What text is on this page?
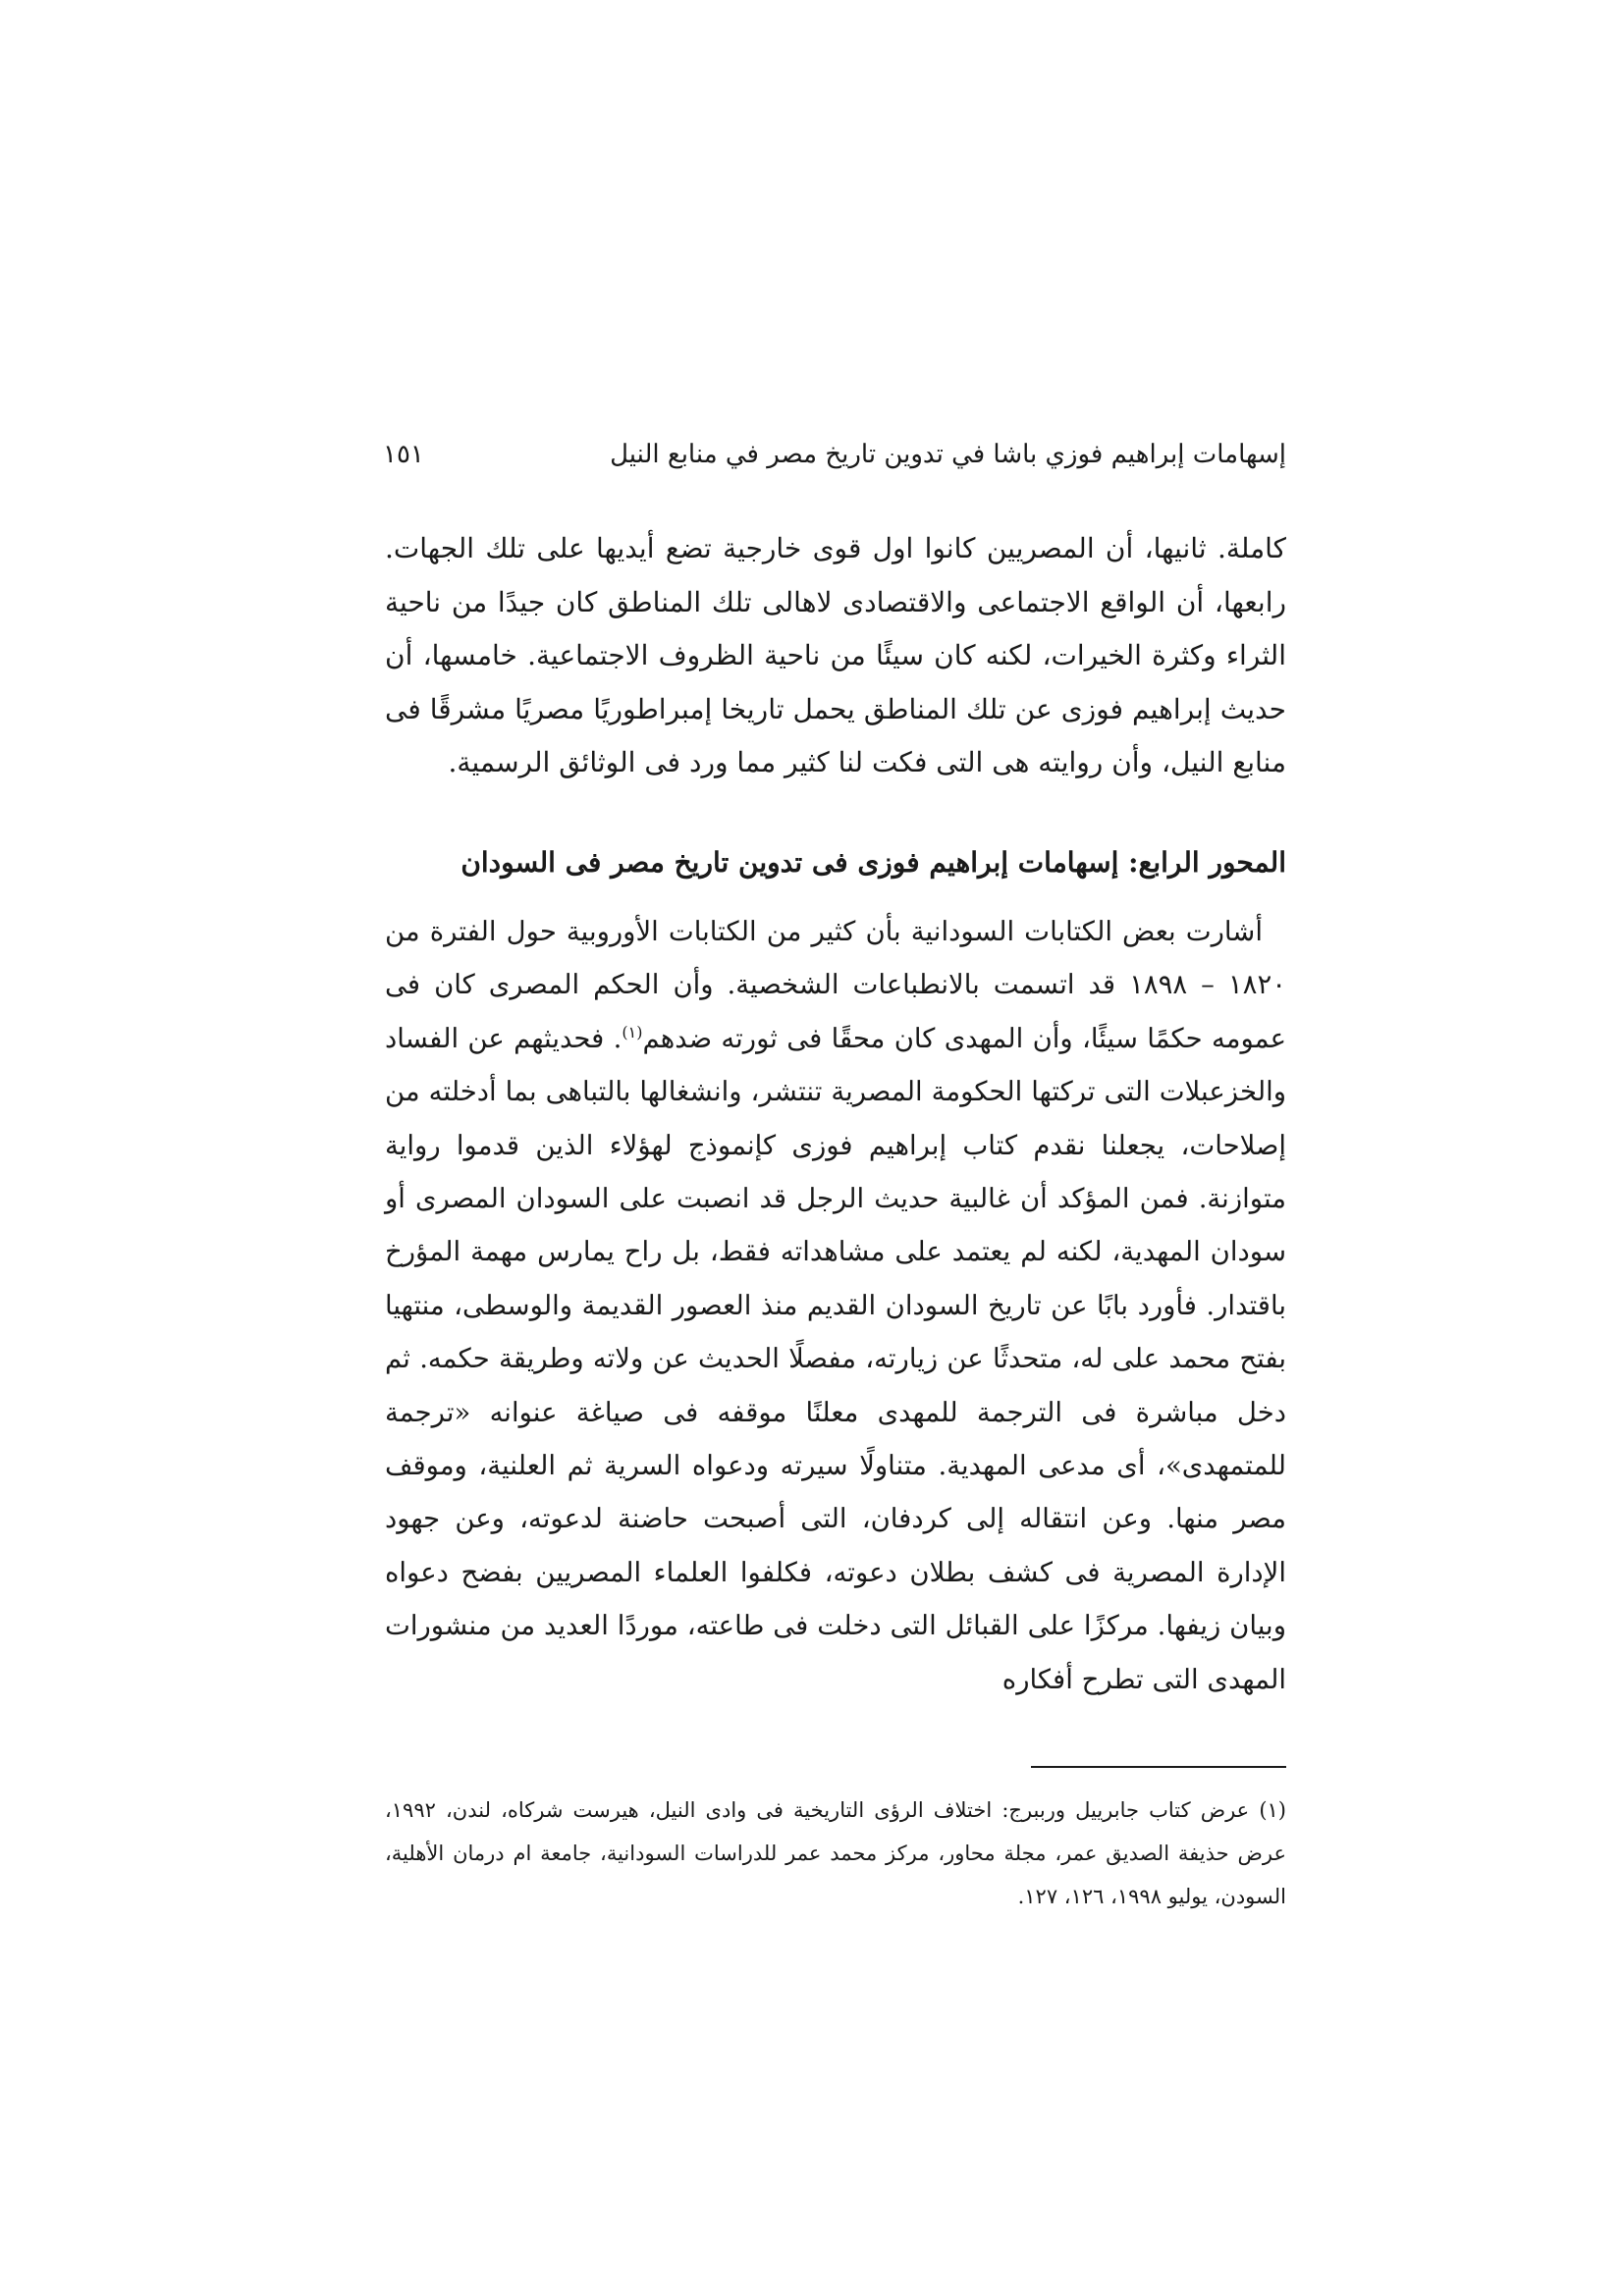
إسهامات إبراهيم فوزي باشا في تدوين تاريخ مصر في منابع النيل
١٥١

كاملة. ثانيها، أن المصريين كانوا اول قوى خارجية تضع أيديها على تلك الجهات. رابعها، أن الواقع الاجتماعى والاقتصادى لاهالى تلك المناطق كان جيدًا من ناحية الثراء وكثرة الخيرات، لكنه كان سيئًا من ناحية الظروف الاجتماعية. خامسها، أن حديث إبراهيم فوزى عن تلك المناطق يحمل تاريخا إمبراطوريًا مصريًا مشرقًا فى منابع النيل، وأن روايته هى التى فكت لنا كثير مما ورد فى الوثائق الرسمية.

المحور الرابع: إسهامات إبراهيم فوزى فى تدوين تاريخ مصر فى السودان

أشارت بعض الكتابات السودانية بأن كثير من الكتابات الأوروبية حول الفترة من ١٨٢٠ – ١٨٩٨ قد اتسمت بالانطباعات الشخصية. وأن الحكم المصرى كان فى عمومه حكمًا سيئًا، وأن المهدى كان محقًا فى ثورته ضدهم$^{(١)}$. فحديثهم عن الفساد والخزعبلات التى تركتها الحكومة المصرية تنتشر، وانشغالها بالتباهى بما أدخلته من إصلاحات، يجعلنا نقدم كتاب إبراهيم فوزى كإنموذج لهؤلاء الذين قدموا رواية متوازنة. فمن المؤكد أن غالبية حديث الرجل قد انصبت على السودان المصرى أو سودان المهدية، لكنه لم يعتمد على مشاهداته فقط، بل راح يمارس مهمة المؤرخ باقتدار. فأورد بابًا عن تاريخ السودان القديم منذ العصور القديمة والوسطى، منتهيا بفتح محمد على له، متحدثًا عن زيارته، مفصلًا الحديث عن ولاته وطريقة حكمه. ثم دخل مباشرة فى الترجمة للمهدى معلنًا موقفه فى صياغة عنوانه «ترجمة للمتمهدى»، أى مدعى المهدية. متناولًا سيرته ودعواه السرية ثم العلنية، وموقف مصر منها. وعن انتقاله إلى كردفان، التى أصبحت حاضنة لدعوته، وعن جهود الإدارة المصرية فى كشف بطلان دعوته، فكلفوا العلماء المصريين بفضح دعواه وبيان زيفها. مركزًا على القبائل التى دخلت فى طاعته، موردًا العديد من منشورات المهدى التى تطرح أفكاره

(١) عرض كتاب جابرييل ورببرج: اختلاف الرؤى التاريخية فى وادى النيل، هيرست شركاه، لندن، ١٩٩٢، عرض حذيفة الصديق عمر، مجلة محاور، مركز محمد عمر للدراسات السودانية، جامعة ام درمان الأهلية، السودن، يوليو ١٩٩٨، ١٢٦، ١٢٧.
